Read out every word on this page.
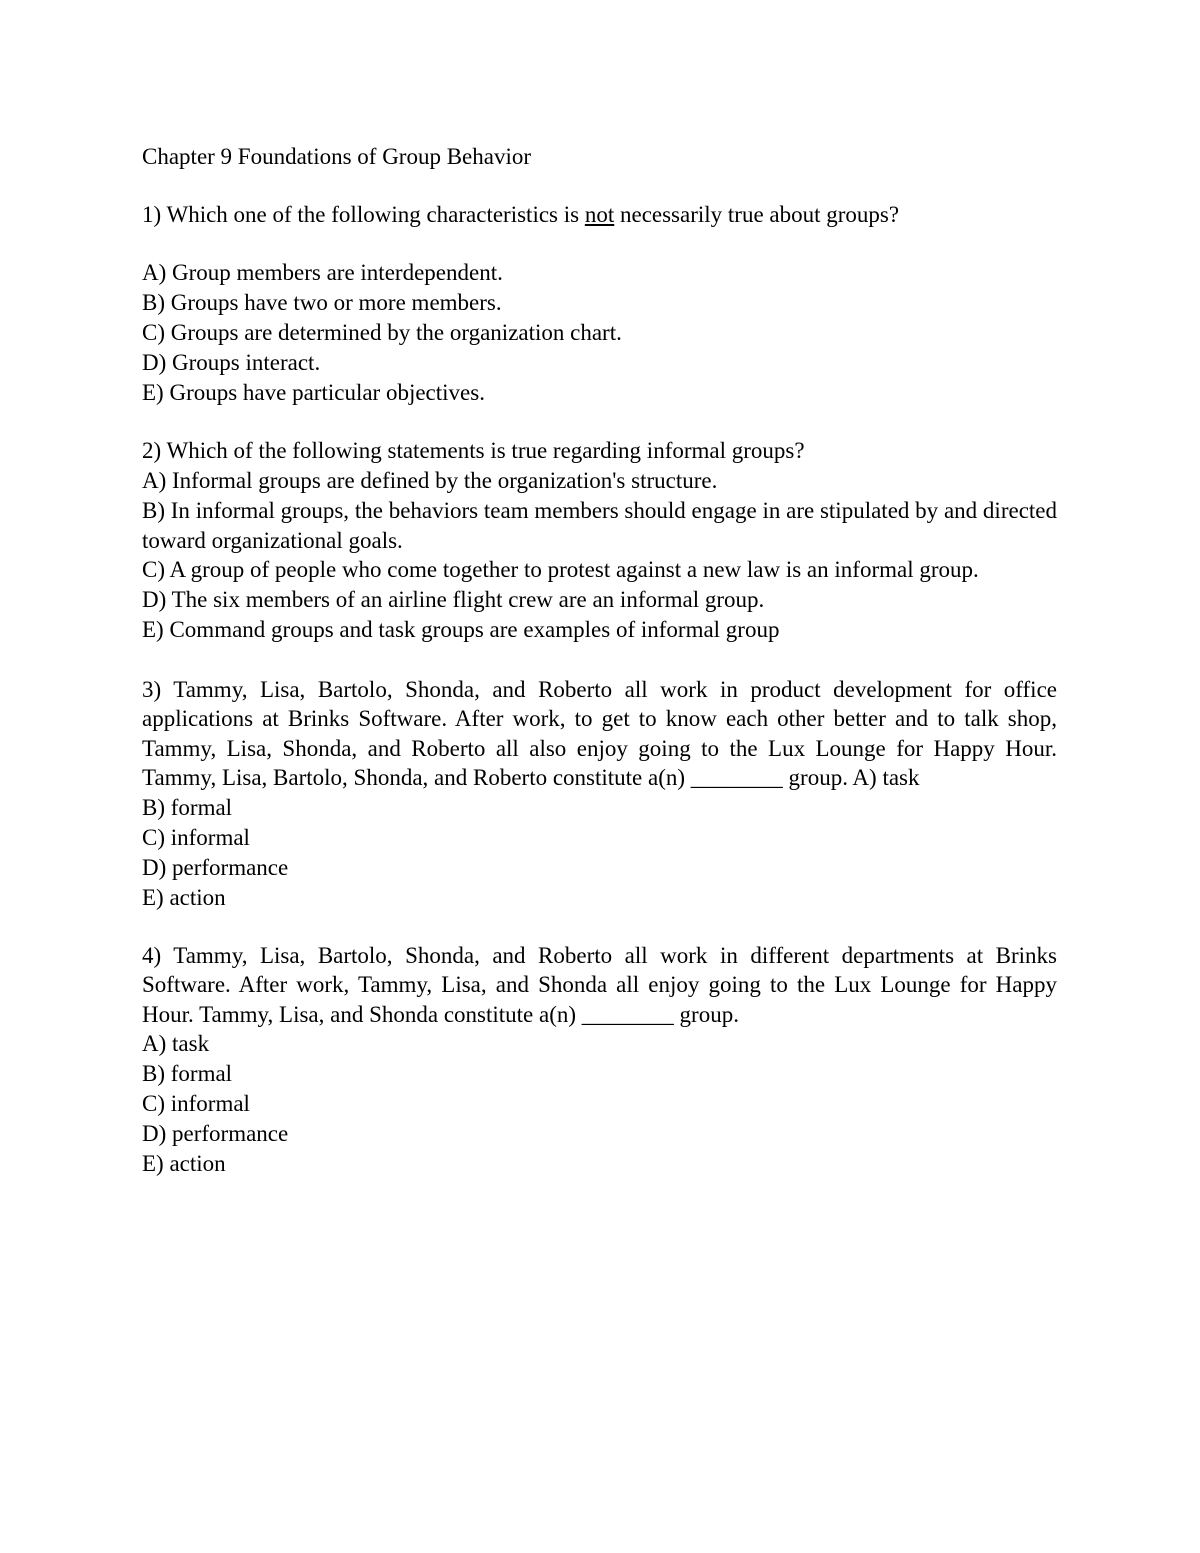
Chapter 9 Foundations of Group Behavior
1) Which one of the following characteristics is not necessarily true about groups?
A) Group members are interdependent.
B) Groups have two or more members.
C) Groups are determined by the organization chart.
D) Groups interact.
E) Groups have particular objectives.
2) Which of the following statements is true regarding informal groups?
A) Informal groups are defined by the organization's structure.
B) In informal groups, the behaviors team members should engage in are stipulated by and directed toward organizational goals.
C) A group of people who come together to protest against a new law is an informal group.
D) The six members of an airline flight crew are an informal group.
E) Command groups and task groups are examples of informal group
3) Tammy, Lisa, Bartolo, Shonda, and Roberto all work in product development for office applications at Brinks Software. After work, to get to know each other better and to talk shop, Tammy, Lisa, Shonda, and Roberto all also enjoy going to the Lux Lounge for Happy Hour. Tammy, Lisa, Bartolo, Shonda, and Roberto constitute a(n) ________ group. A) task
B) formal
C) informal
D) performance
E) action
4) Tammy, Lisa, Bartolo, Shonda, and Roberto all work in different departments at Brinks Software. After work, Tammy, Lisa, and Shonda all enjoy going to the Lux Lounge for Happy Hour. Tammy, Lisa, and Shonda constitute a(n) ________ group.
A) task
B) formal
C) informal
D) performance
E) action
